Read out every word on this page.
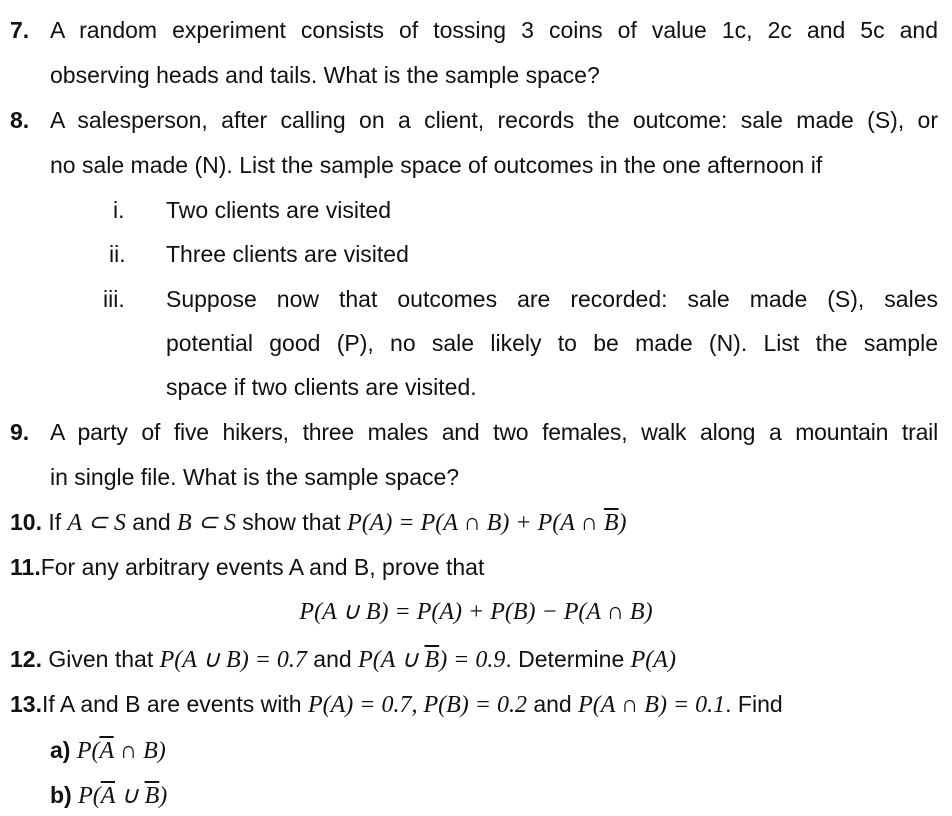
7. A random experiment consists of tossing 3 coins of value 1c, 2c and 5c and
observing heads and tails. What is the sample space?
8. A salesperson, after calling on a client, records the outcome: sale made (S), or
no sale made (N). List the sample space of outcomes in the one afternoon if
i. Two clients are visited
ii. Three clients are visited
iii. Suppose now that outcomes are recorded: sale made (S), sales
potential good (P), no sale likely to be made (N). List the sample
space if two clients are visited.
9. A party of five hikers, three males and two females, walk along a mountain trail
in single file. What is the sample space?
10. If A ⊂ S and B ⊂ S show that P(A) = P(A ∩ B) + P(A ∩ $\overline{B}$)
11.For any arbitrary events A and B, prove that
P(A ∪ B) = P(A) + P(B) − P(A ∩ B)
12. Given that P(A ∪ B) = 0.7 and P(A ∪ $\overline{B}) = 0.9$. Determine P(A)
13.If A and B are events with P(A) = 0.7, P(B) = 0.2 and P(A ∩ B) = 0.1. Find
a) $P(\overline{A}$ ∩ B)
b) $P(\overline{A}$ ∪ $\overline{B}$)
